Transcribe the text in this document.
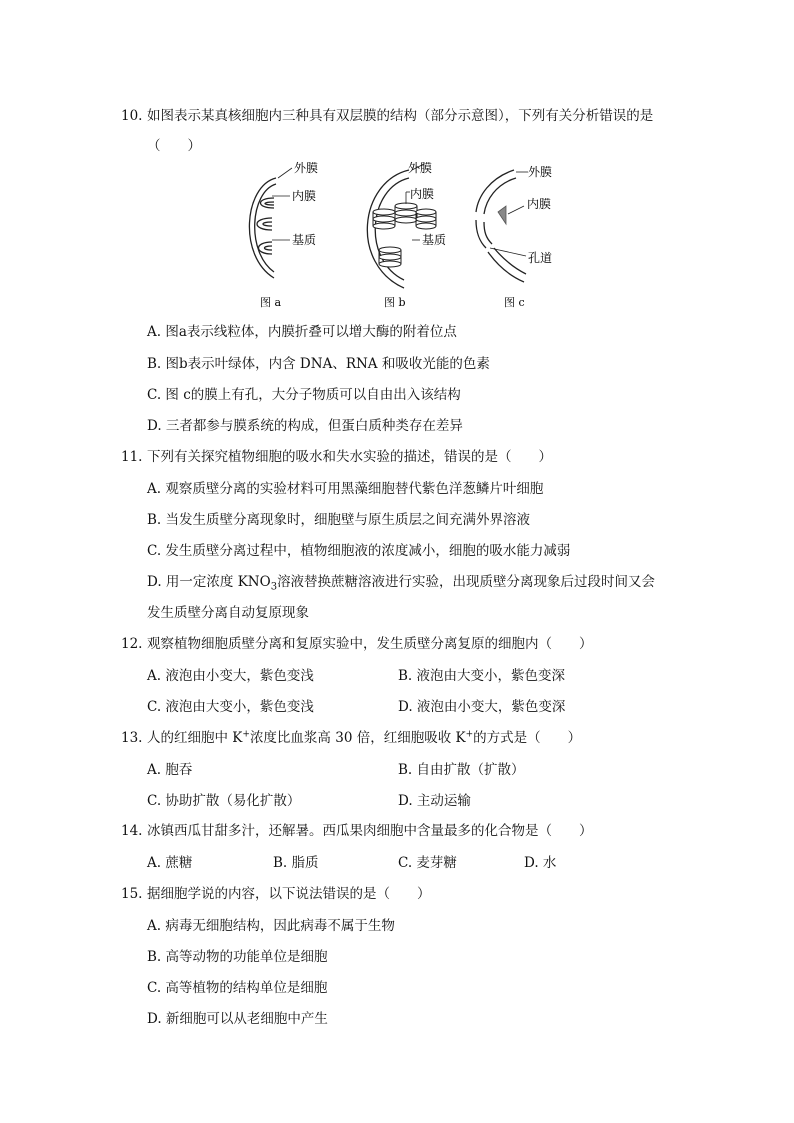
10. 如图表示某真核细胞内三种具有双层膜的结构（部分示意图），下列有关分析错误的是
（　　）
外膜
内膜
基质
图 a
外膜
内膜
基质
图 b
外膜
内膜
孔道
图 c
A. 图a表示线粒体，内膜折叠可以增大酶的附着位点
B. 图b表示叶绿体，内含 DNA、RNA 和吸收光能的色素
C. 图 c的膜上有孔，大分子物质可以自由出入该结构
D. 三者都参与膜系统的构成，但蛋白质种类存在差异
11. 下列有关探究植物细胞的吸水和失水实验的描述，错误的是（　　）
A. 观察质壁分离的实验材料可用黑藻细胞替代紫色洋葱鳞片叶细胞
B. 当发生质壁分离现象时，细胞壁与原生质层之间充满外界溶液
C. 发生质壁分离过程中，植物细胞液的浓度减小，细胞的吸水能力减弱
D. 用一定浓度 $KNO_3$溶液替换蔗糖溶液进行实验，出现质壁分离现象后过段时间又会
发生质壁分离自动复原现象
12. 观察植物细胞质壁分离和复原实验中，发生质壁分离复原的细胞内（　　）
A. 液泡由小变大，紫色变浅	B. 液泡由大变小，紫色变深
C. 液泡由大变小，紫色变浅	D. 液泡由小变大，紫色变深
13. 人的红细胞中 K+浓度比血浆高 30 倍，红细胞吸收 K+的方式是（　　）
A. 胞吞	B. 自由扩散（扩散）
C. 协助扩散（易化扩散）	D. 主动运输
14. 冰镇西瓜甘甜多汁，还解暑。西瓜果肉细胞中含量最多的化合物是（　　）
A. 蔗糖	B. 脂质	C. 麦芽糖	D. 水
15. 据细胞学说的内容，以下说法错误的是（　　）
A. 病毒无细胞结构，因此病毒不属于生物
B. 高等动物的功能单位是细胞
C. 高等植物的结构单位是细胞
D. 新细胞可以从老细胞中产生
